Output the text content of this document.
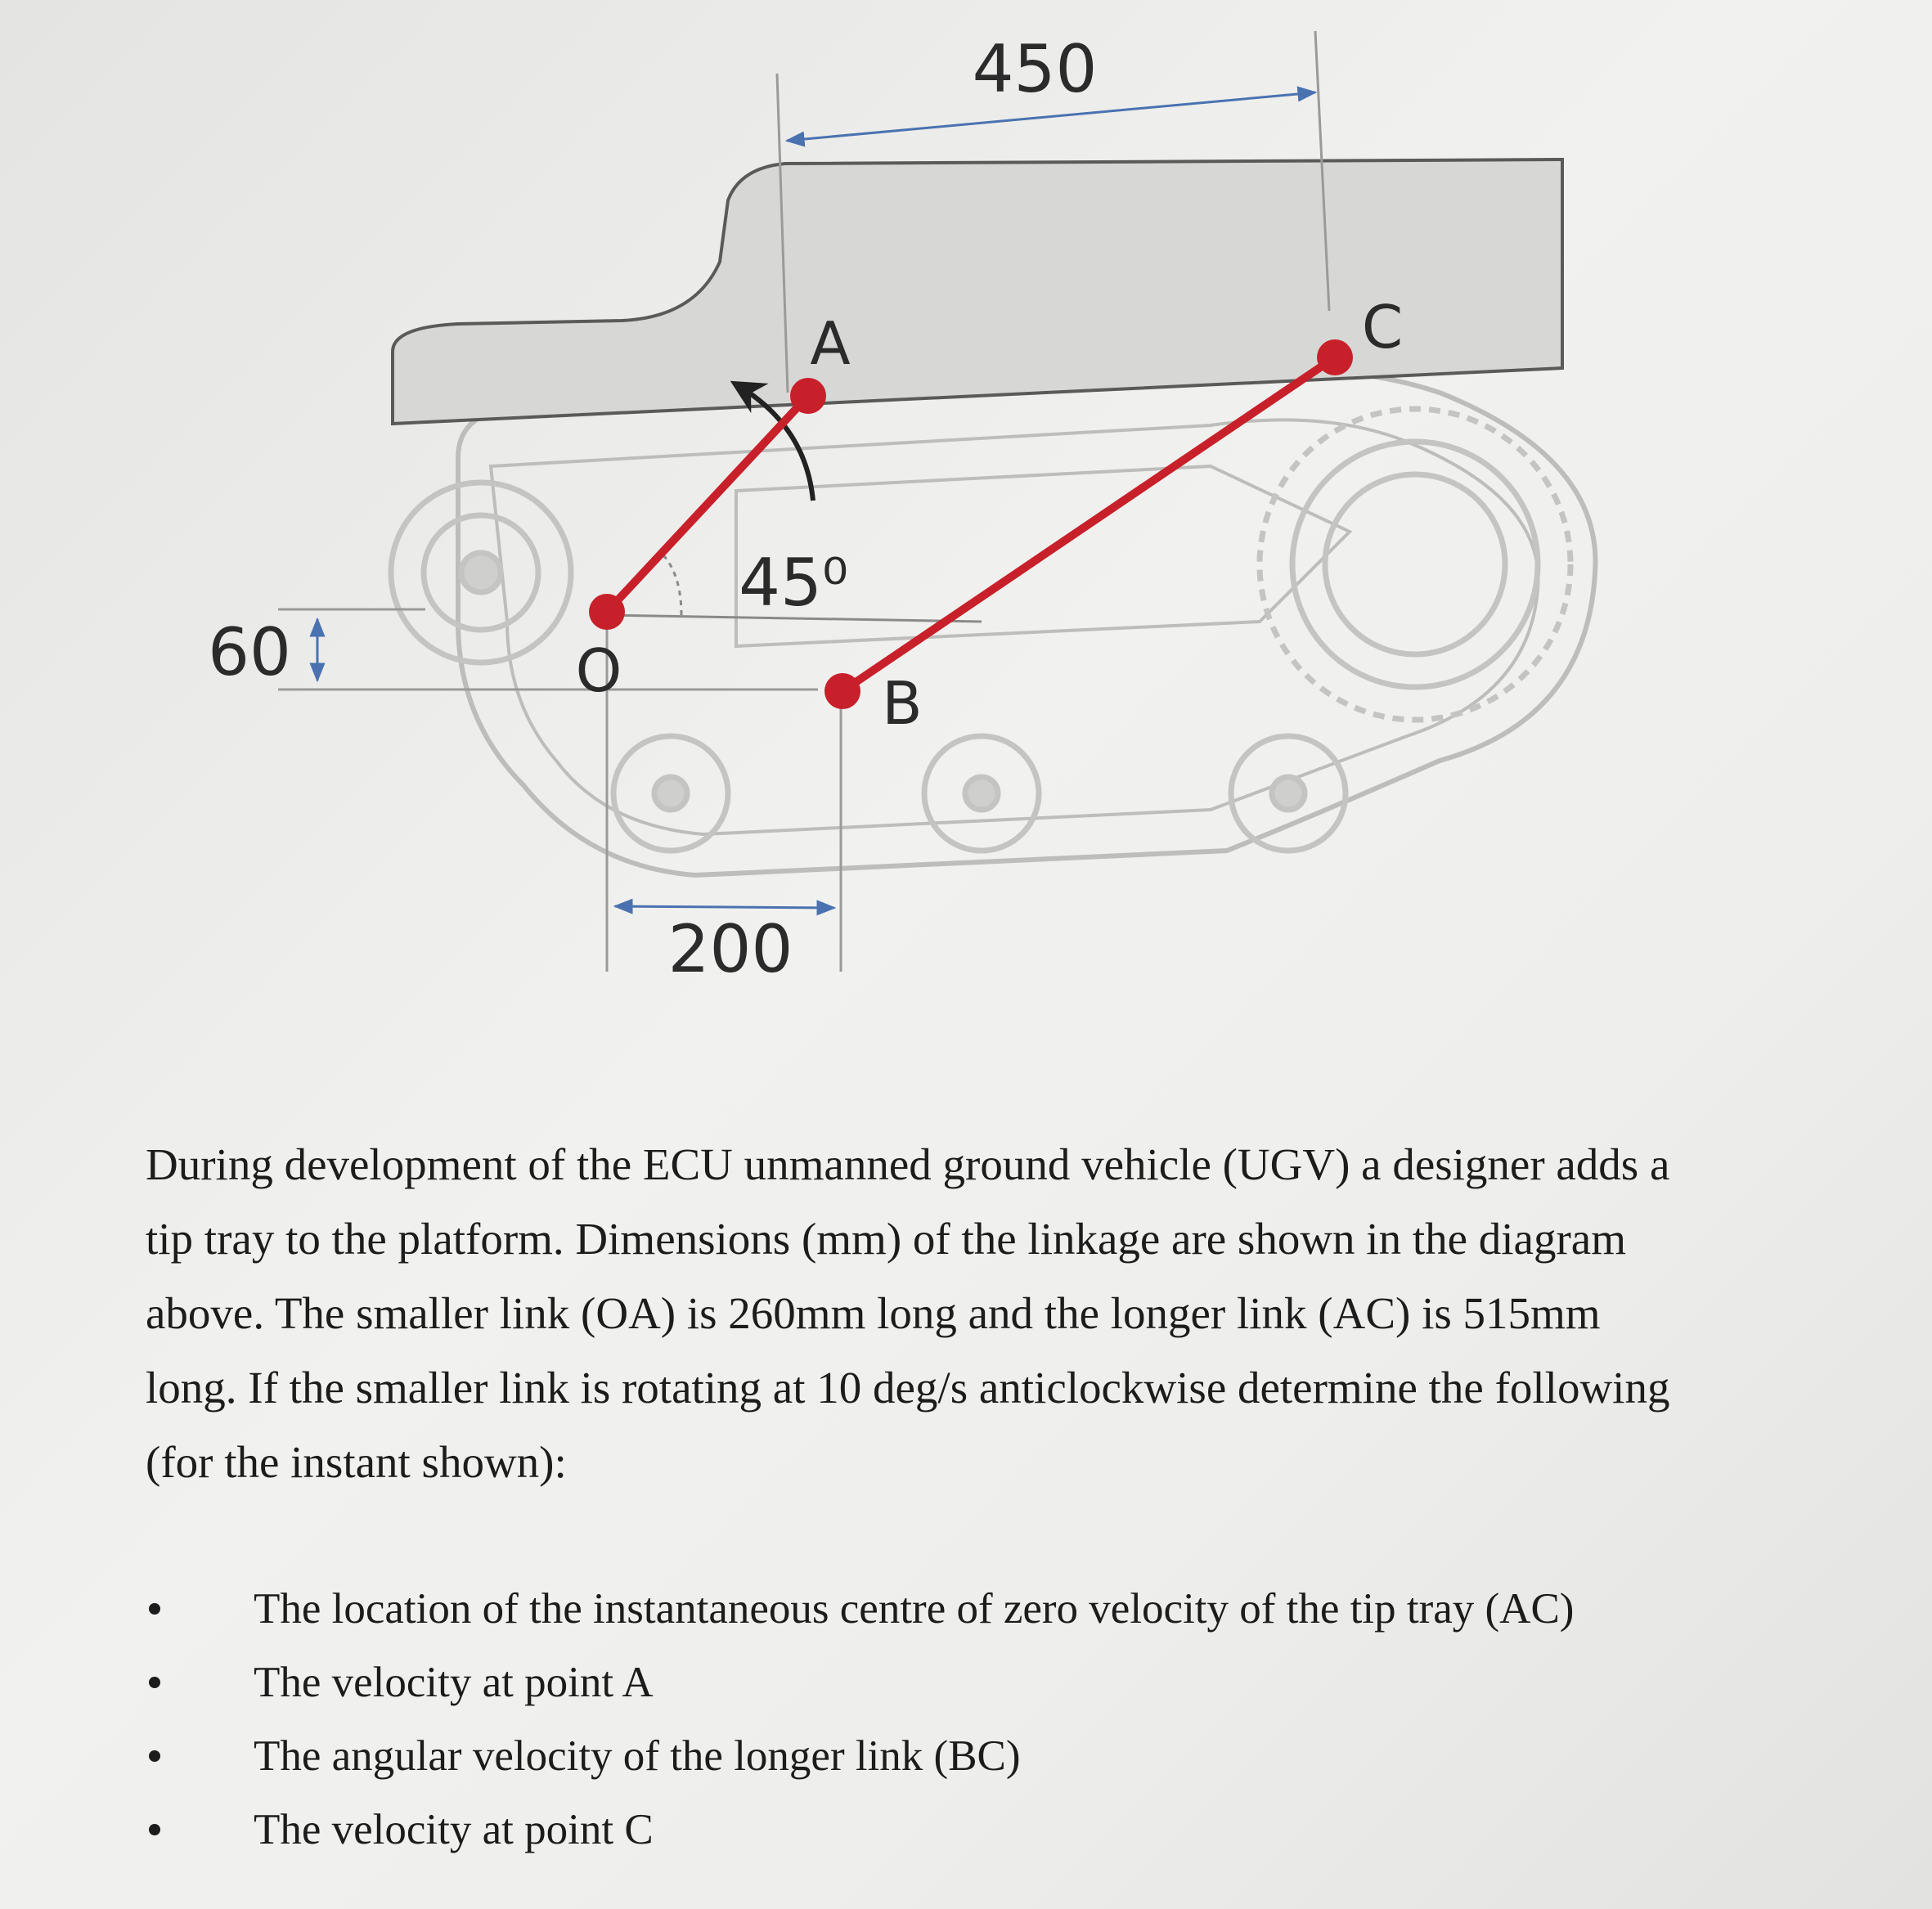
450
60
45⁰
200
O
A
B
C

During development of the ECU unmanned ground vehicle (UGV) a designer adds a tip tray to the platform. Dimensions (mm) of the linkage are shown in the diagram above. The smaller link (OA) is 260mm long and the longer link (AC) is 515mm long. If the smaller link is rotating at 10 deg/s anticlockwise determine the following (for the instant shown):

The location of the instantaneous centre of zero velocity of the tip tray (AC)
The velocity at point A
The angular velocity of the longer link (BC)
The velocity at point C
